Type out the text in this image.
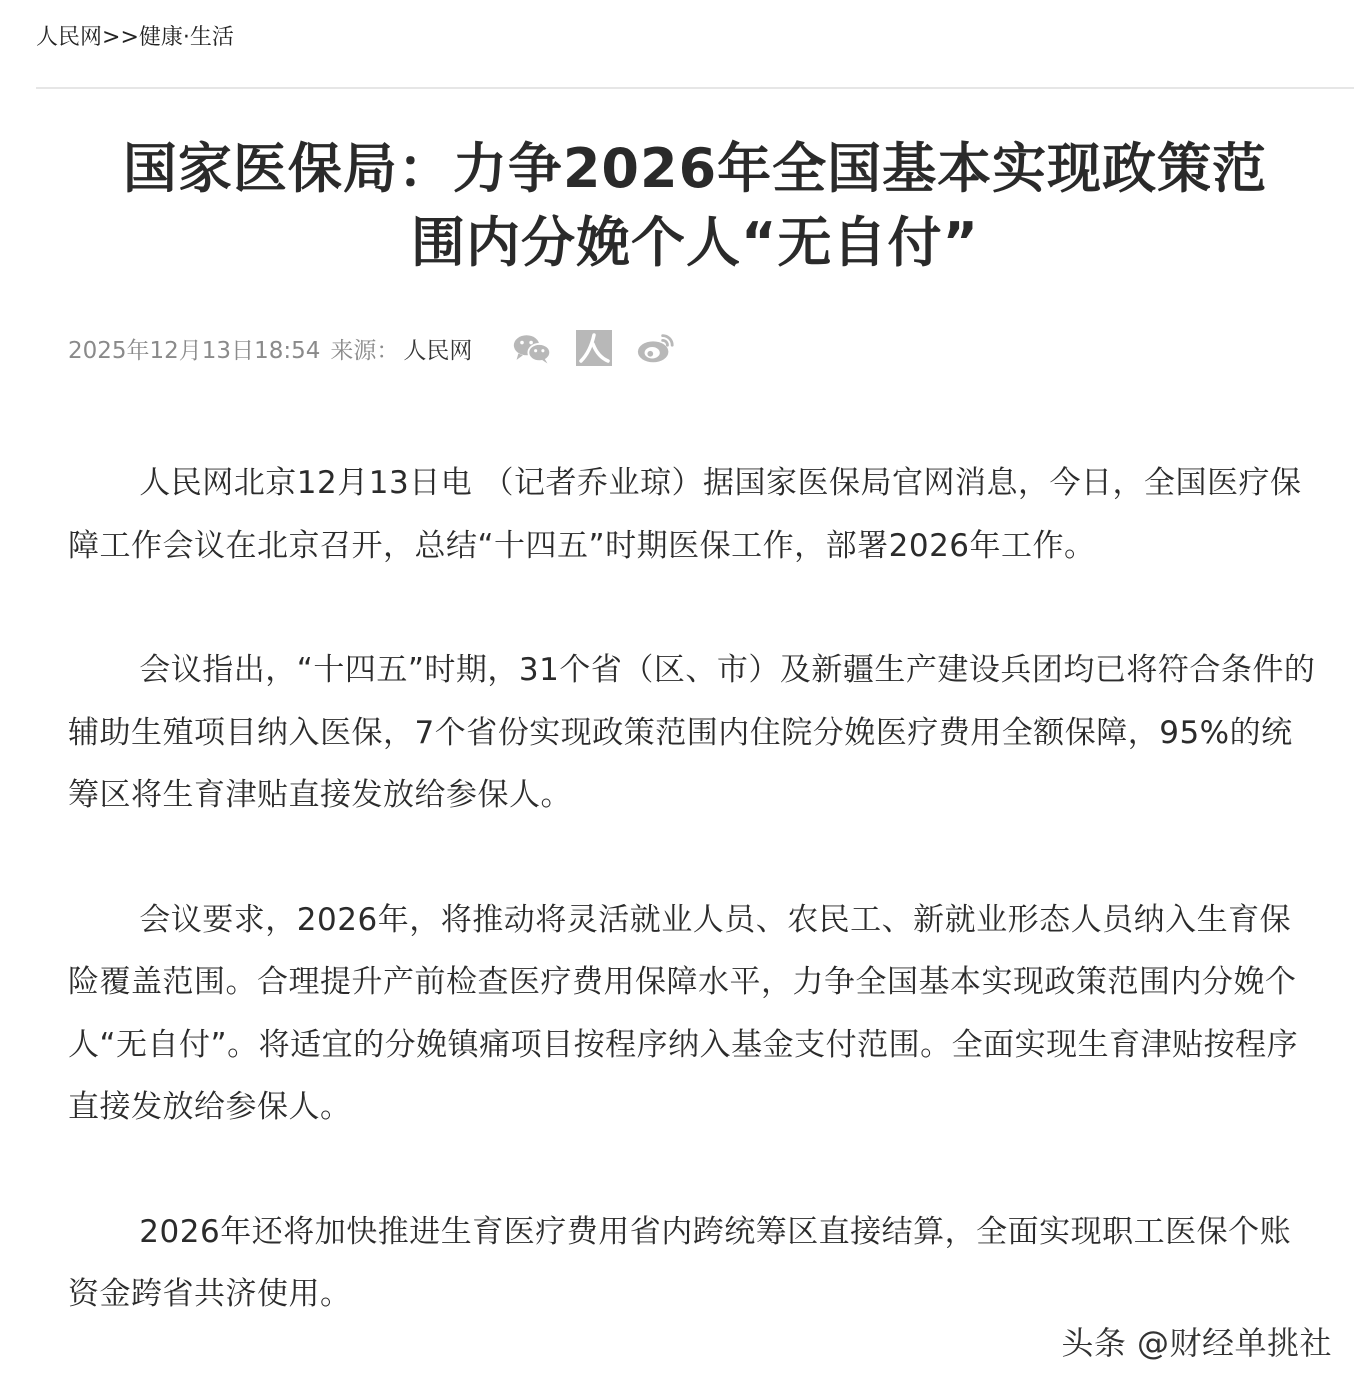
人民网 >> 健康·生活
国家医保局：力争2026年全国基本实现政策范
围内分娩个人“无自付”
2025年12月13日18:54 来源： 人民网

人民网北京12月13日电 （记者乔业琼）据国家医保局官网消息，今日，全国医疗保障工作会议在北京召开，总结“十四五”时期医保工作，部署2026年工作。

会议指出，“十四五”时期，31个省（区、市）及新疆生产建设兵团均已将符合条件的辅助生殖项目纳入医保，7个省份实现政策范围内住院分娩医疗费用全额保障，95%的统筹区将生育津贴直接发放给参保人。

会议要求，2026年，将推动将灵活就业人员、农民工、新就业形态人员纳入生育保险覆盖范围。合理提升产前检查医疗费用保障水平，力争全国基本实现政策范围内分娩个人“无自付”。将适宜的分娩镇痛项目按程序纳入基金支付范围。全面实现生育津贴按程序直接发放给参保人。

2026年还将加快推进生育医疗费用省内跨统筹区直接结算，全面实现职工医保个账资金跨省共济使用。

头条 @财经单挑社
